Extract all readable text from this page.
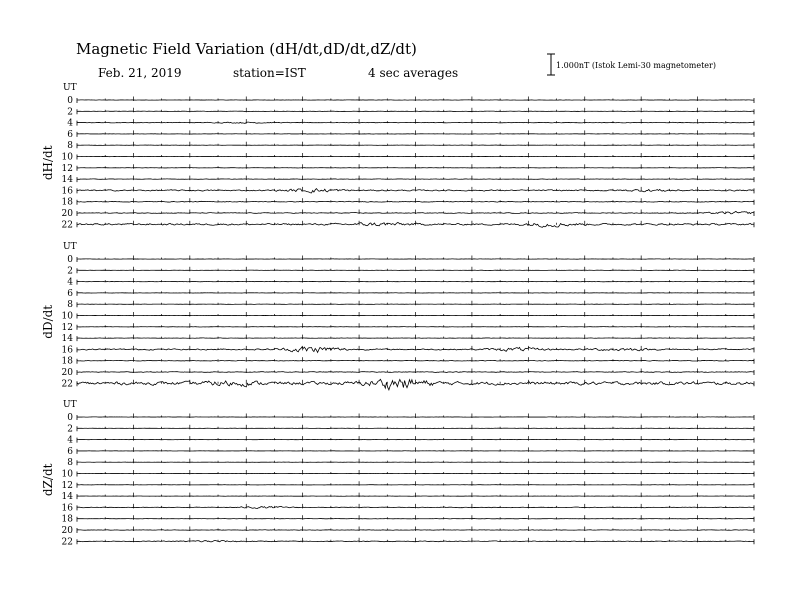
Magnetic Field Variation (dH/dt,dD/dt,dZ/dt)
Feb. 21, 2019	station=IST	4 sec averages
1.000nT (Istok Lemi-30 magnetometer)
UT
dH/dt
0
2
4
6
8
10
12
14
16
18
20
22
UT
dD/dt
0
2
4
6
8
10
12
14
16
18
20
22
UT
dZ/dt
0
2
4
6
8
10
12
14
16
18
20
22
